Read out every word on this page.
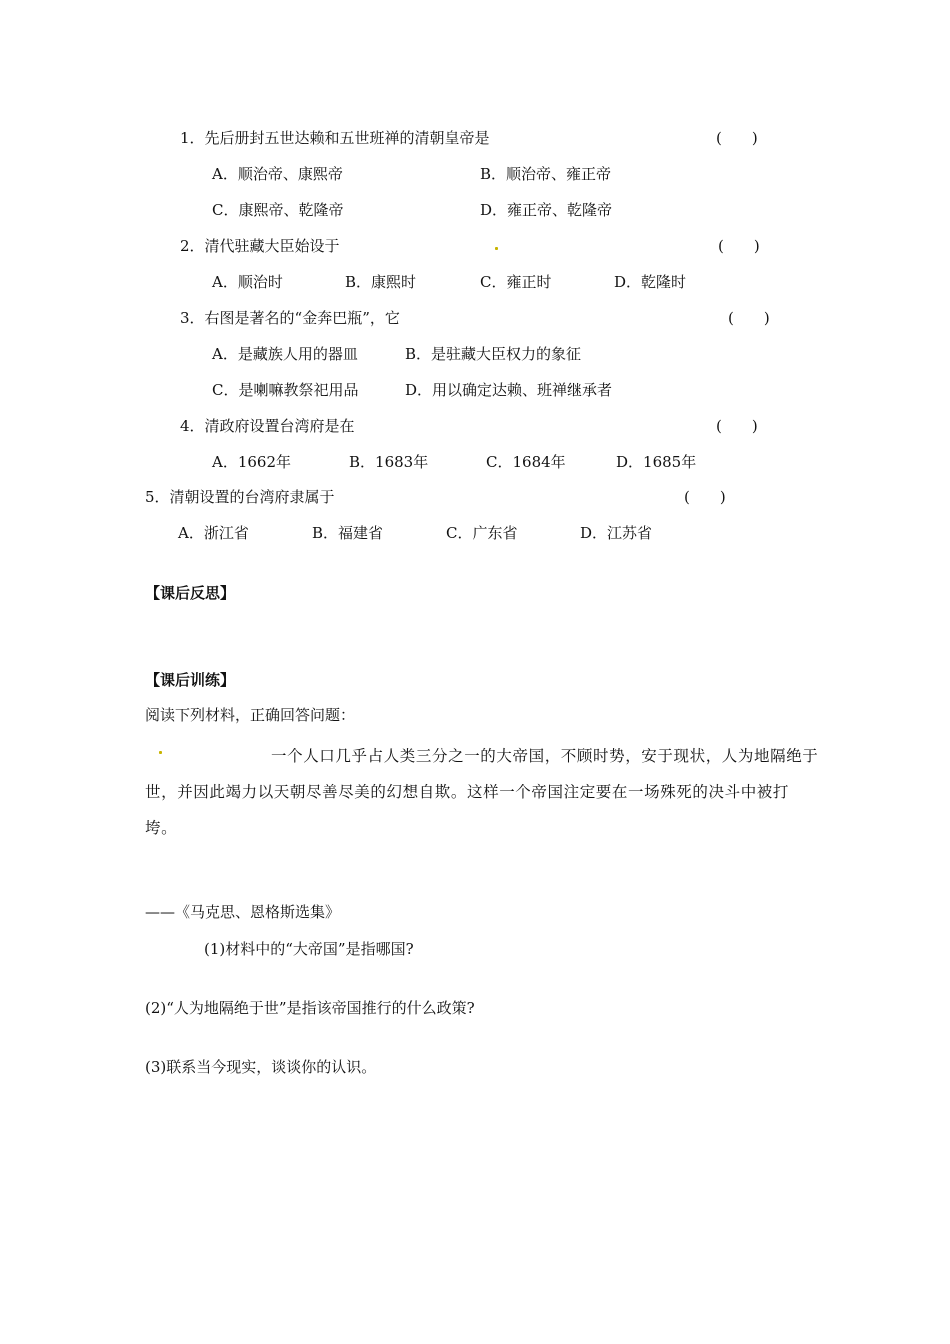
1．先后册封五世达赖和五世班禅的清朝皇帝是	(　　)
A．顺治帝、康熙帝	B．顺治帝、雍正帝
C．康熙帝、乾隆帝	D．雍正帝、乾隆帝
2．清代驻藏大臣始设于	(　　)
A．顺治时	B．康熙时	C．雍正时	D．乾隆时
3．右图是著名的“金奔巴瓶”，它	(　　)
A．是藏族人用的器皿	B．是驻藏大臣权力的象征
C．是喇嘛教祭祀用品	D．用以确定达赖、班禅继承者
4．清政府设置台湾府是在	(　　)
A．1662年	B．1683年	C．1684年	D．1685年
5．清朝设置的台湾府隶属于	(　　)
A．浙江省	B．福建省	C．广东省	D．江苏省
【课后反思】
【课后训练】
阅读下列材料，正确回答问题：
一个人口几乎占人类三分之一的大帝国，不顾时势，安于现状，人为地隔绝于世，并因此竭力以天朝尽善尽美的幻想自欺。这样一个帝国注定要在一场殊死的决斗中被打垮。
——《马克思、恩格斯选集》
(1)材料中的“大帝国”是指哪国?
(2)“人为地隔绝于世”是指该帝国推行的什么政策?
(3)联系当今现实，谈谈你的认识。
